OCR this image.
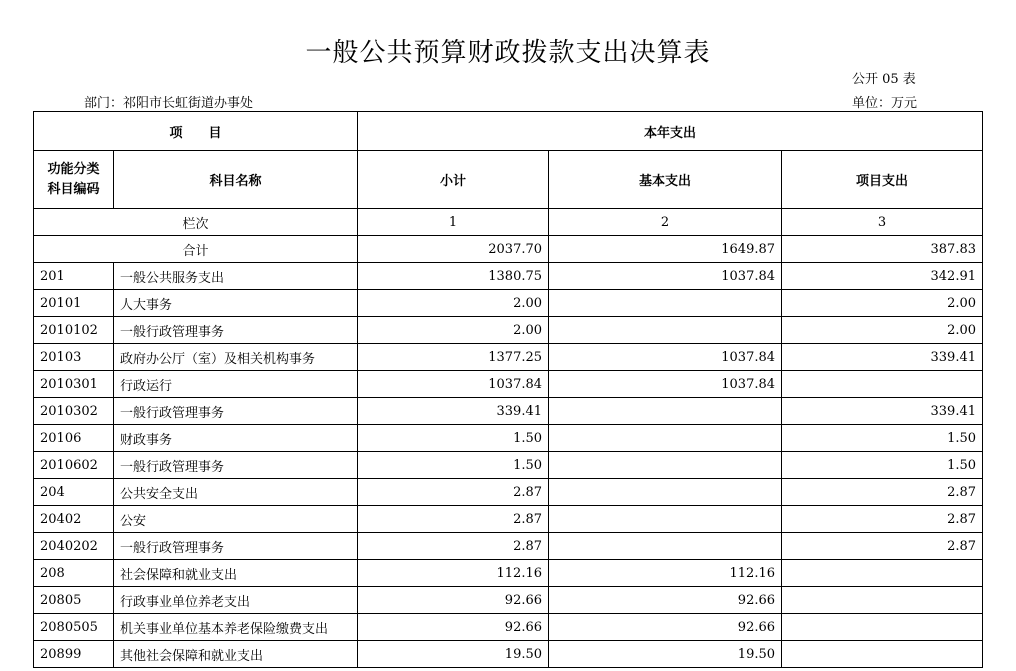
一般公共预算财政拨款支出决算表
公开 05 表
部门：祁阳市长虹街道办事处	单位：万元
项　　目		本年支出		

功能分类
科目编码	科目名称	小计	基本支出	项目支出
栏次		1	2	3
合计		2037.70	1649.87	387.83
201	一般公共服务支出	1380.75	1037.84	342.91
20101	人大事务	2.00		2.00
2010102	一般行政管理事务	2.00		2.00
20103	政府办公厅（室）及相关机构事务	1377.25	1037.84	339.41
2010301	行政运行	1037.84	1037.84	
2010302	一般行政管理事务	339.41		339.41
20106	财政事务	1.50		1.50
2010602	一般行政管理事务	1.50		1.50
204	公共安全支出	2.87		2.87
20402	公安	2.87		2.87
2040202	一般行政管理事务	2.87		2.87
208	社会保障和就业支出	112.16	112.16	
20805	行政事业单位养老支出	92.66	92.66	
2080505	机关事业单位基本养老保险缴费支出	92.66	92.66	
20899	其他社会保障和就业支出	19.50	19.50	
